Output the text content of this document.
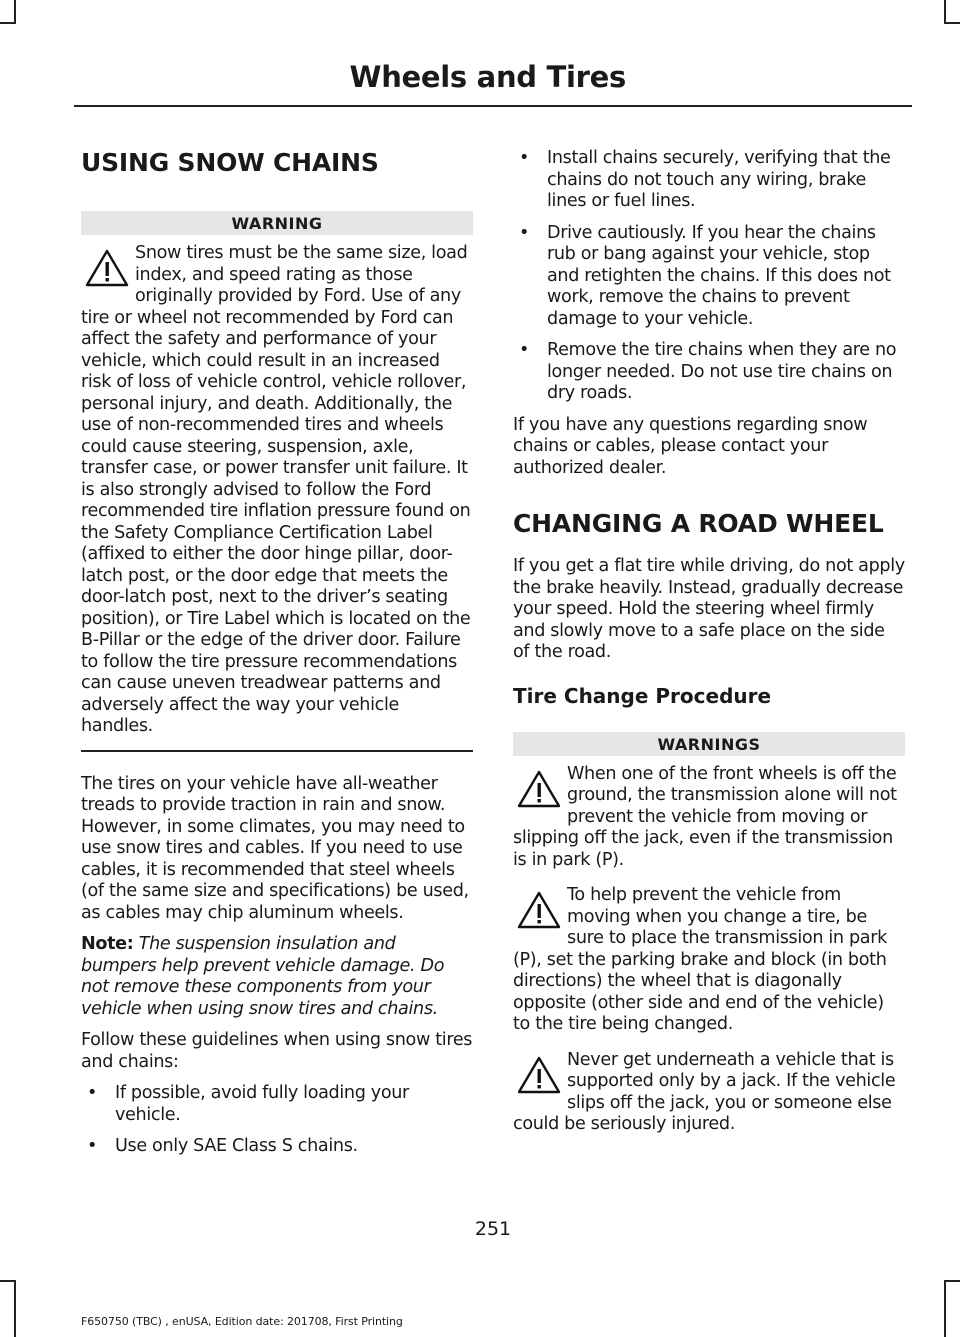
Wheels and Tires
USING SNOW CHAINS
WARNING
Snow tires must be the same size, load index, and speed rating as those originally provided by Ford. Use of any tire or wheel not recommended by Ford can affect the safety and performance of your vehicle, which could result in an increased risk of loss of vehicle control, vehicle rollover, personal injury, and death. Additionally, the use of non-recommended tires and wheels could cause steering, suspension, axle, transfer case, or power transfer unit failure. It is also strongly advised to follow the Ford recommended tire inflation pressure found on the Safety Compliance Certification Label (affixed to either the door hinge pillar, door-latch post, or the door edge that meets the door-latch post, next to the driver’s seating position), or Tire Label which is located on the B-Pillar or the edge of the driver door. Failure to follow the tire pressure recommendations can cause uneven treadwear patterns and adversely affect the way your vehicle handles.

The tires on your vehicle have all-weather treads to provide traction in rain and snow. However, in some climates, you may need to use snow tires and cables. If you need to use cables, it is recommended that steel wheels (of the same size and specifications) be used, as cables may chip aluminum wheels.

Note: The suspension insulation and bumpers help prevent vehicle damage. Do not remove these components from your vehicle when using snow tires and chains.

Follow these guidelines when using snow tires and chains:

• If possible, avoid fully loading your vehicle.
• Use only SAE Class S chains.
• Install chains securely, verifying that the chains do not touch any wiring, brake lines or fuel lines.
• Drive cautiously. If you hear the chains rub or bang against your vehicle, stop and retighten the chains. If this does not work, remove the chains to prevent damage to your vehicle.
• Remove the tire chains when they are no longer needed. Do not use tire chains on dry roads.

If you have any questions regarding snow chains or cables, please contact your authorized dealer.

CHANGING A ROAD WHEEL

If you get a flat tire while driving, do not apply the brake heavily. Instead, gradually decrease your speed. Hold the steering wheel firmly and slowly move to a safe place on the side of the road.

Tire Change Procedure
WARNINGS
When one of the front wheels is off the ground, the transmission alone will not prevent the vehicle from moving or slipping off the jack, even if the transmission is in park (P).
To help prevent the vehicle from moving when you change a tire, be sure to place the transmission in park (P), set the parking brake and block (in both directions) the wheel that is diagonally opposite (other side and end of the vehicle) to the tire being changed.
Never get underneath a vehicle that is supported only by a jack. If the vehicle slips off the jack, you or someone else could be seriously injured.
251
F650750 (TBC) , enUSA, Edition date: 201708, First Printing
